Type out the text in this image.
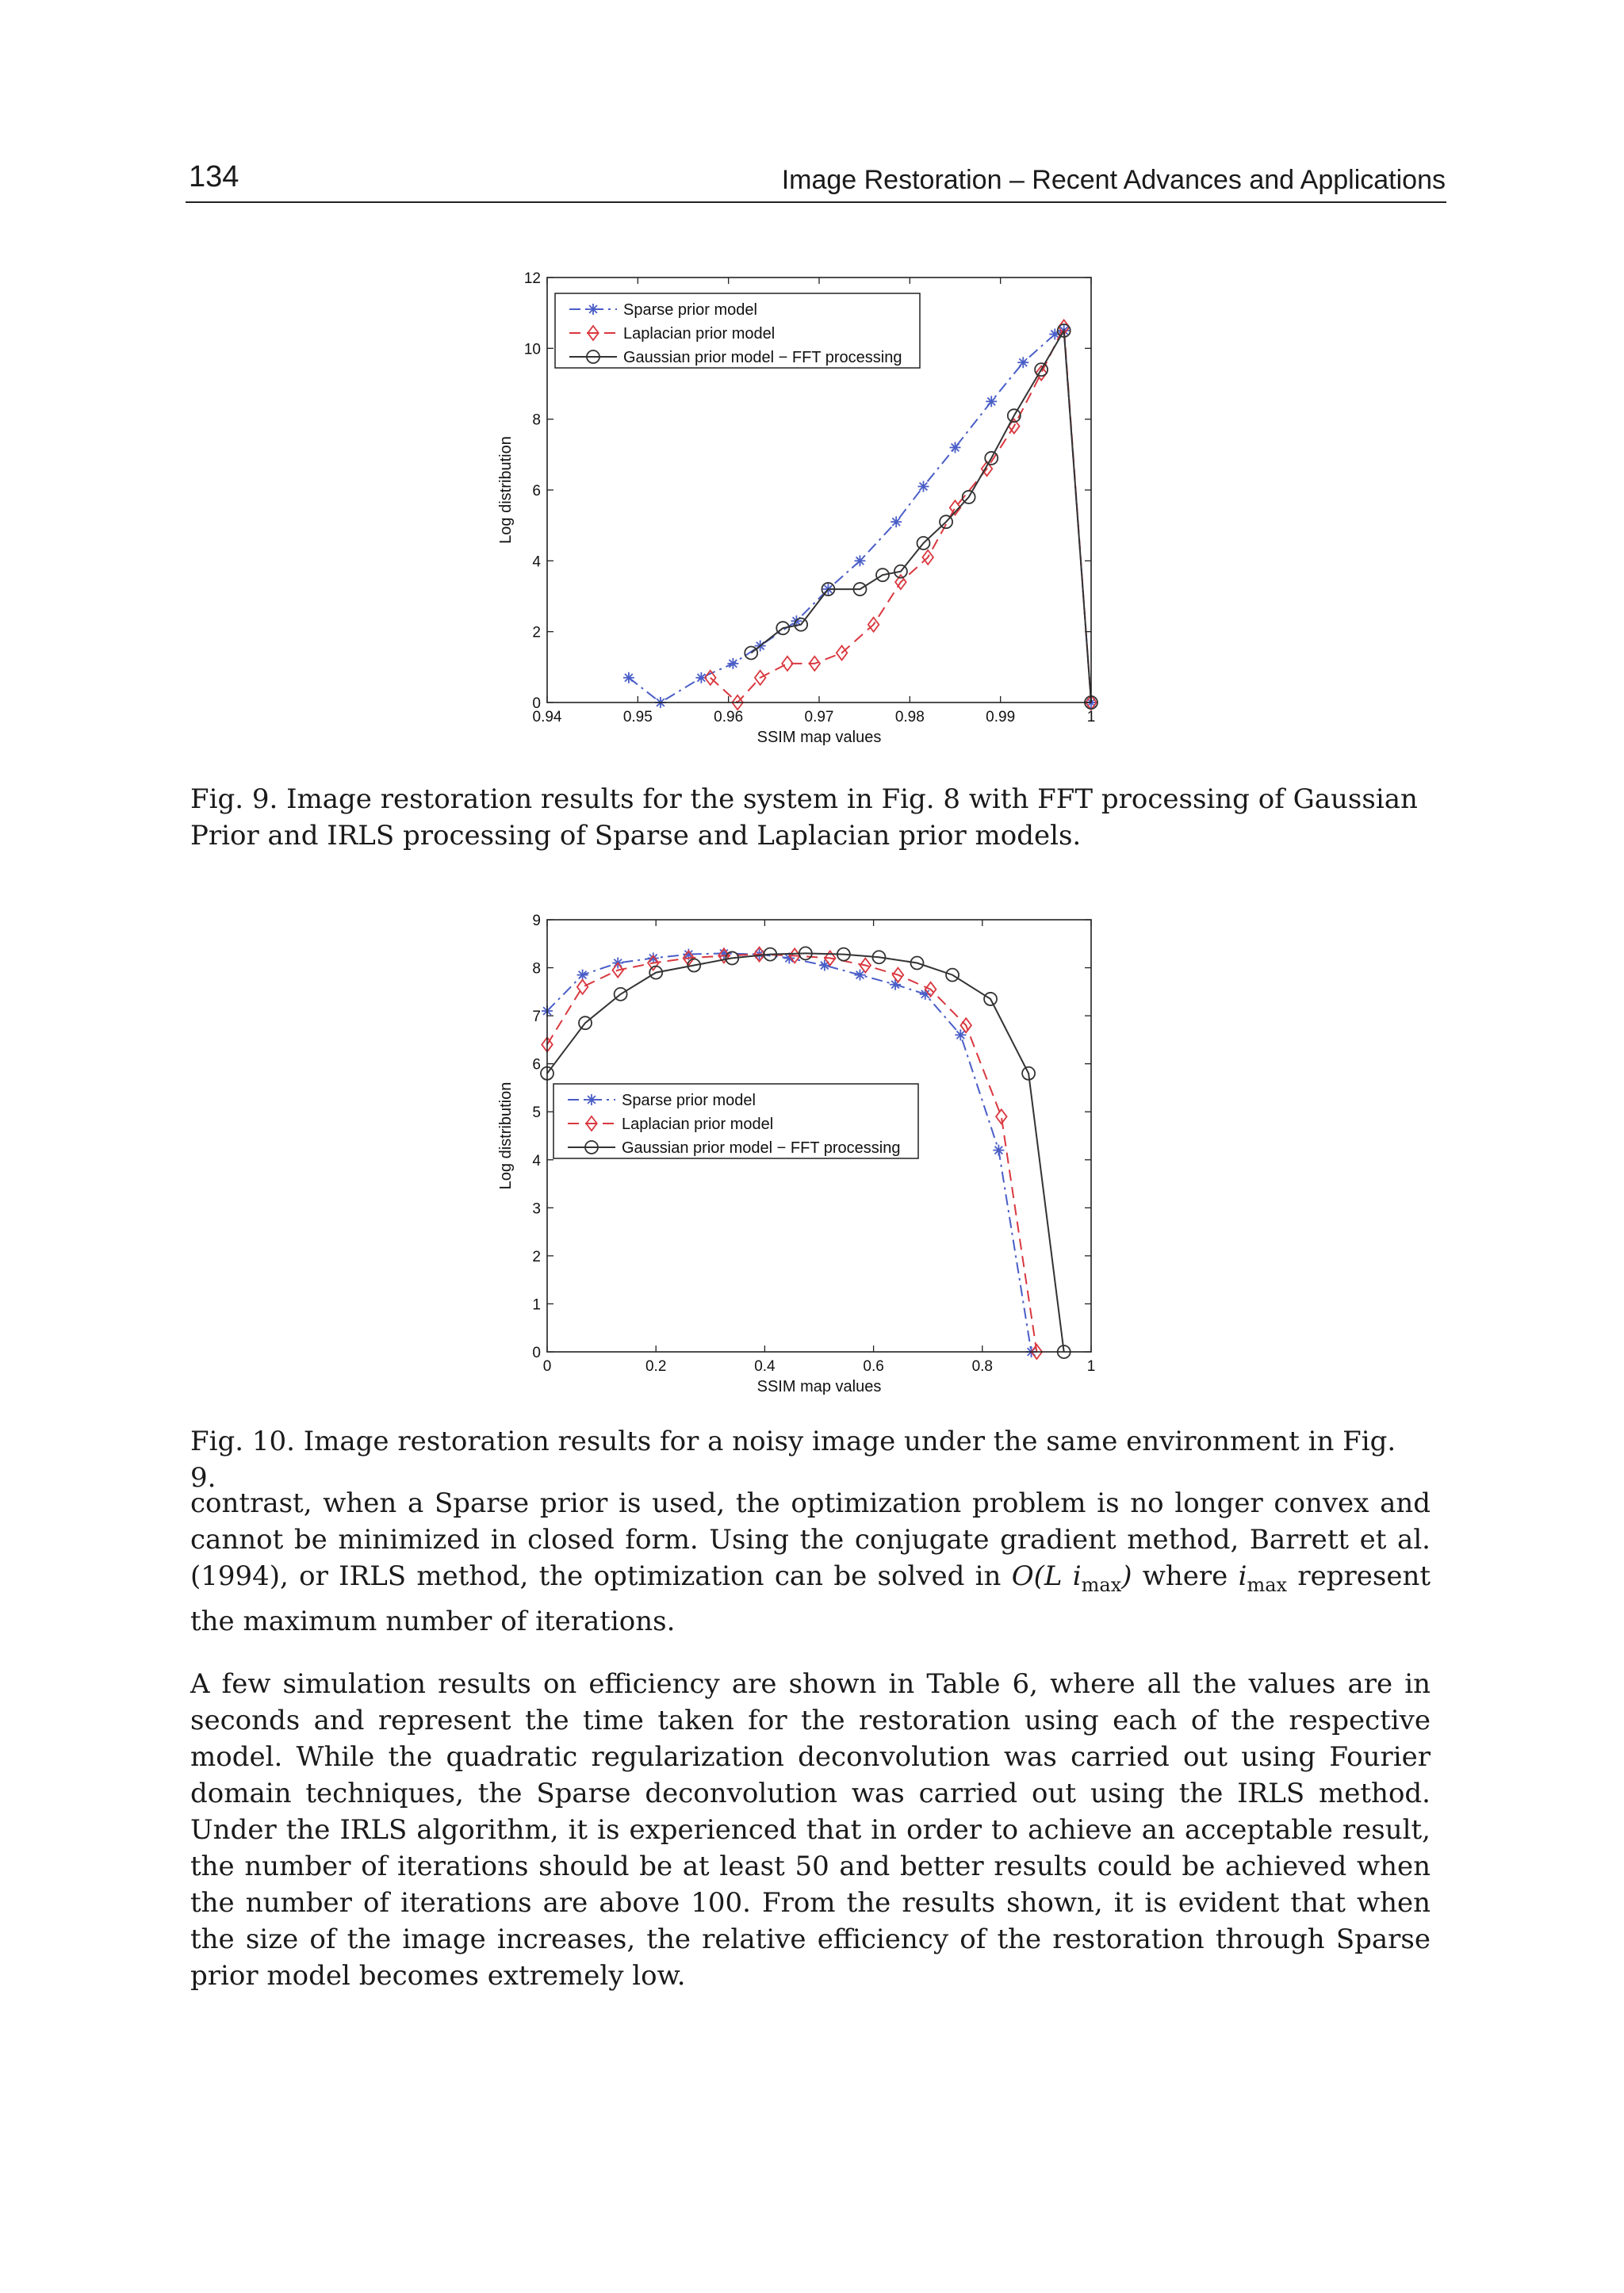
134	Image Restoration – Recent Advances and Applications
0.94	0.95	0.96	0.97	0.98	0.99	1
0
2
4
6
8
10
12
SSIM map values
Log distribution
Sparse prior model
Laplacian prior model
Gaussian prior model − FFT processing
Fig. 9. Image restoration results for the system in Fig. 8 with FFT processing of Gaussian Prior and IRLS processing of Sparse and Laplacian prior models.
0	0.2	0.4	0.6	0.8	1
0
1
2
3
4
5
6
7
8
9
SSIM map values
Log distribution	Sparse prior model
Laplacian prior model
Gaussian prior model − FFT processing
Fig. 10. Image restoration results for a noisy image under the same environment in Fig. 9.

contrast, when a Sparse prior is used, the optimization problem is no longer convex and cannot be minimized in closed form. Using the conjugate gradient method, Barrett et al. (1994), or IRLS method, the optimization can be solved in O(L $i_{max}$) where $i_{max}$ represent the maximum number of iterations.

A few simulation results on efficiency are shown in Table 6, where all the values are in seconds and represent the time taken for the restoration using each of the respective model. While the quadratic regularization deconvolution was carried out using Fourier domain techniques, the Sparse deconvolution was carried out using the IRLS method. Under the IRLS algorithm, it is experienced that in order to achieve an acceptable result, the number of iterations should be at least 50 and better results could be achieved when the number of iterations are above 100. From the results shown, it is evident that when the size of the image increases, the relative efficiency of the restoration through Sparse prior model becomes extremely low.
